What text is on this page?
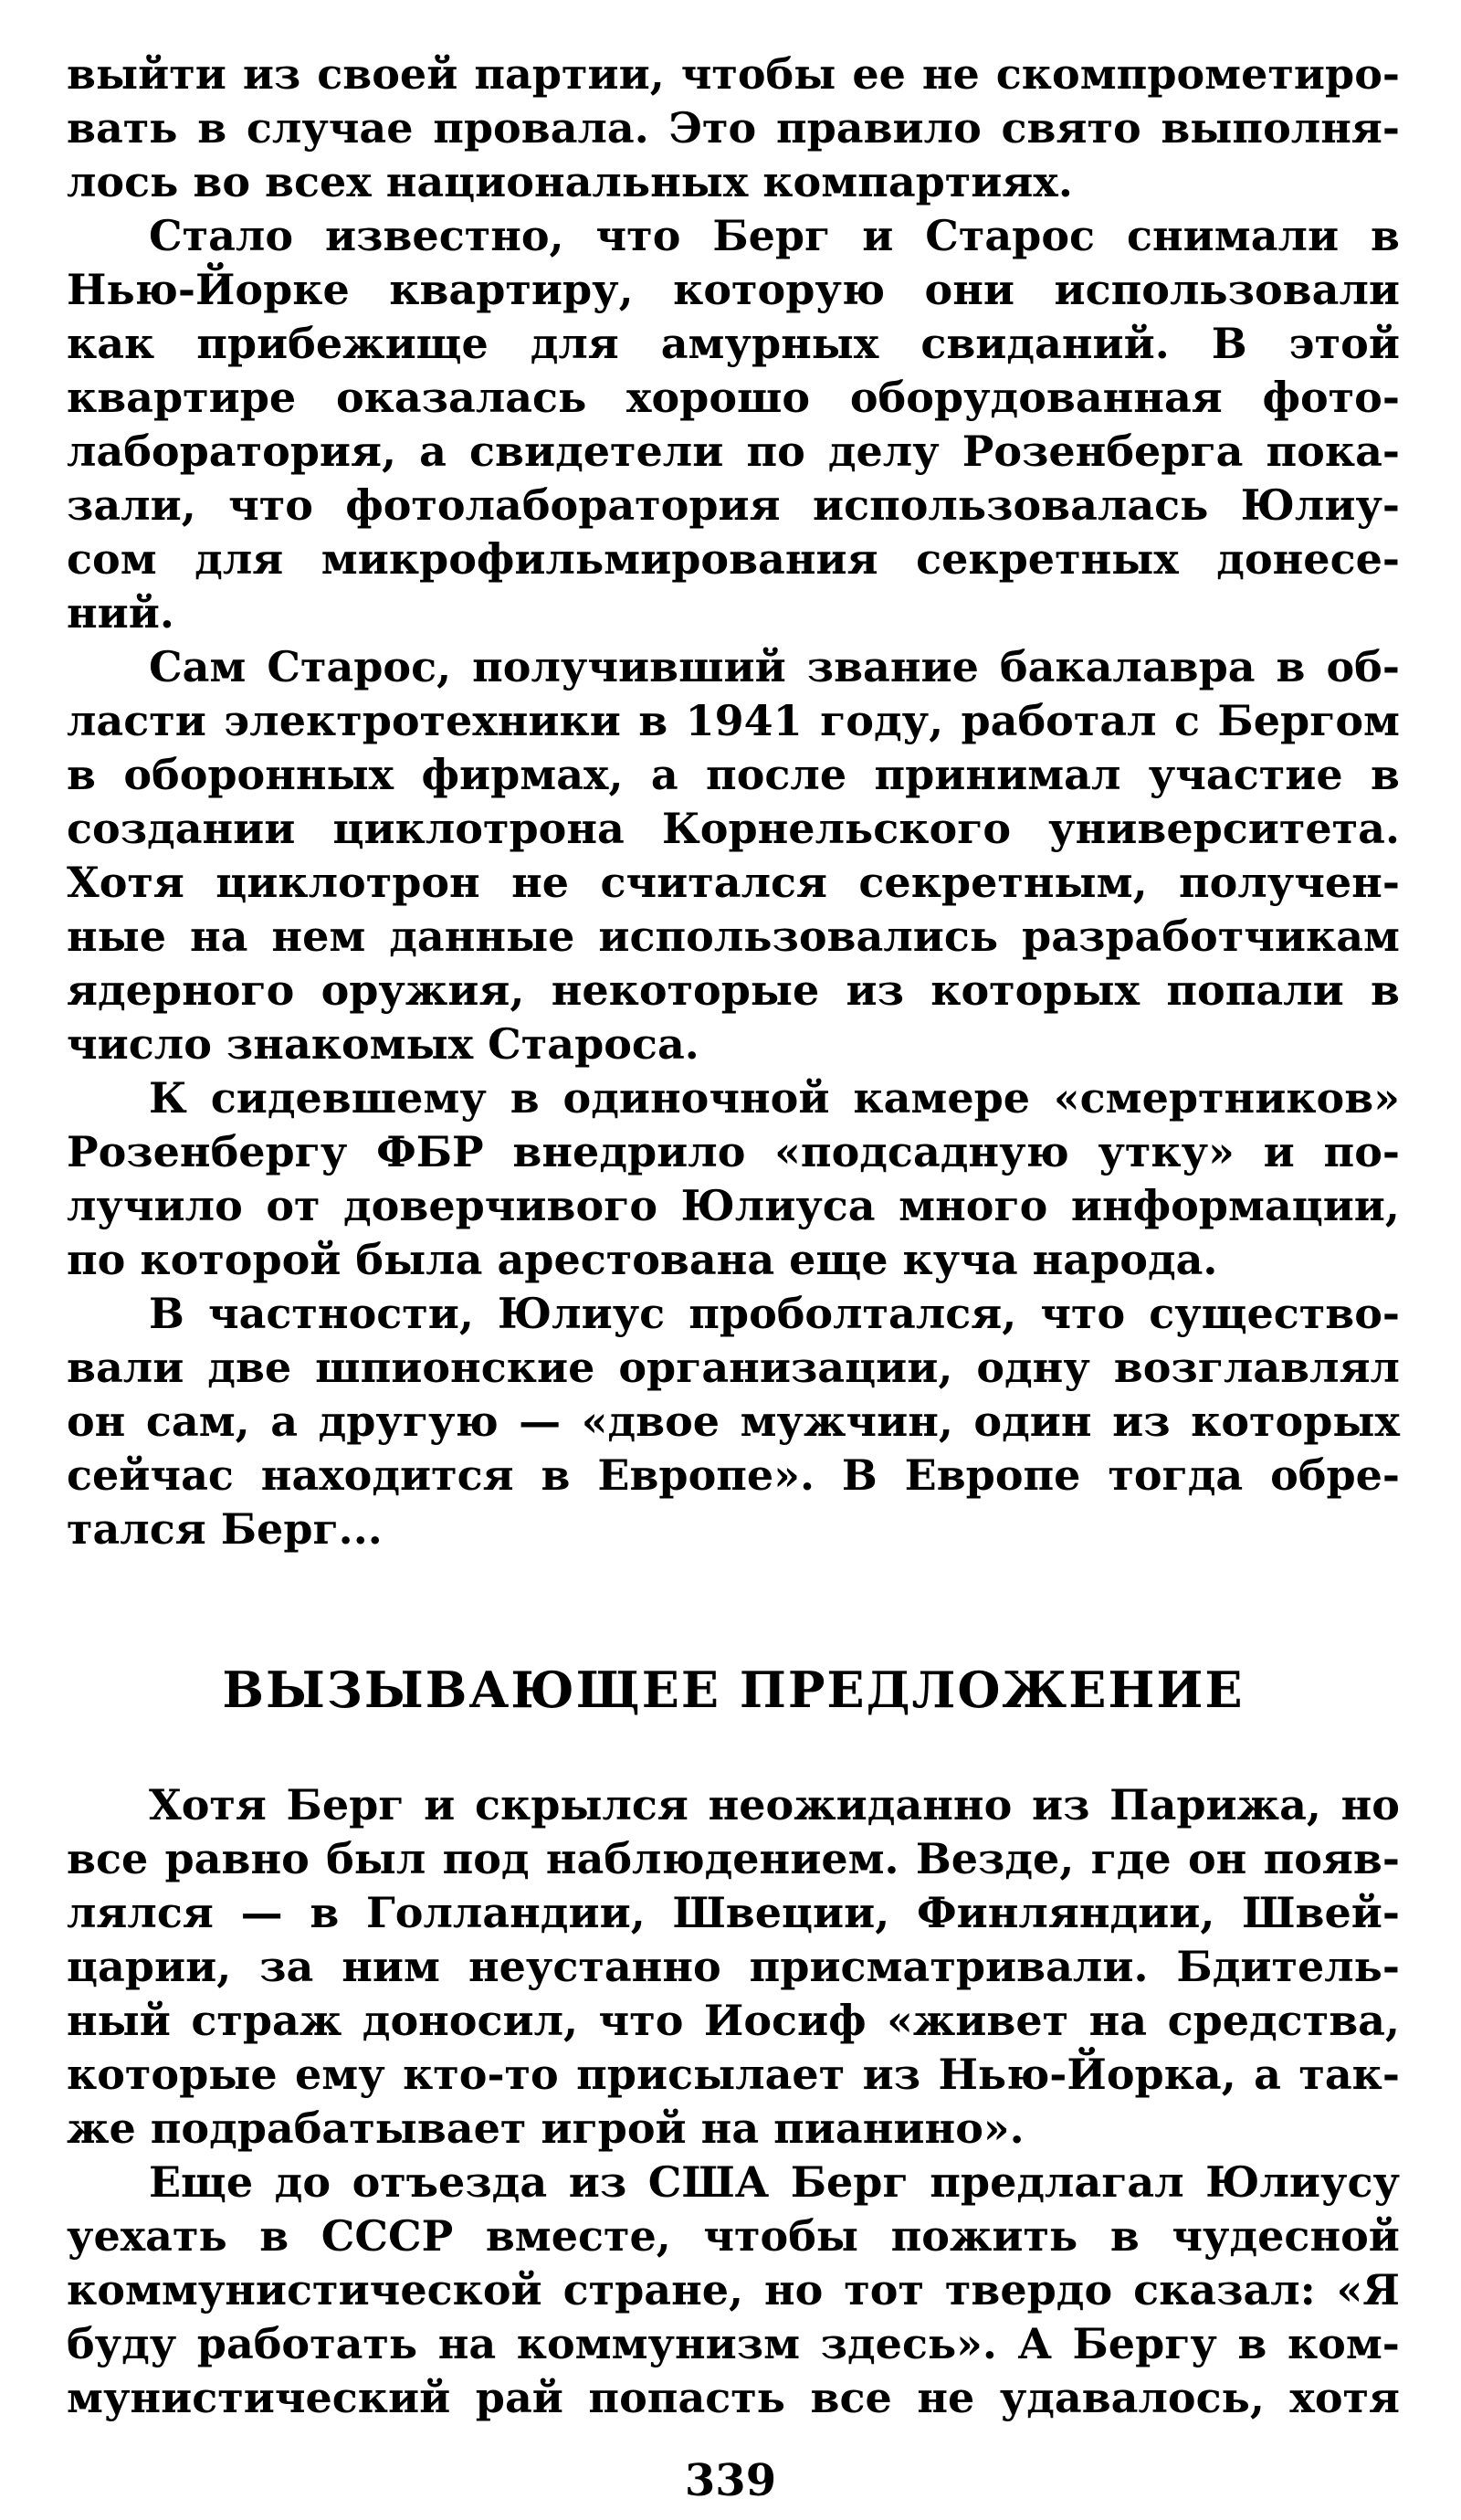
выйти из своей партии, чтобы ее не скомпрометиро-
вать в случае провала. Это правило свято выполня-
лось во всех национальных компартиях.
Стало известно, что Берг и Старос снимали в
Нью-Йорке квартиру, которую они использовали
как прибежище для амурных свиданий. В этой
квартире оказалась хорошо оборудованная фото-
лаборатория, а свидетели по делу Розенберга пока-
зали, что фотолаборатория использовалась Юлиу-
сом для микрофильмирования секретных донесе-
ний.
Сам Старос, получивший звание бакалавра в об-
ласти электротехники в 1941 году, работал с Бергом
в оборонных фирмах, а после принимал участие в
создании циклотрона Корнельского университета.
Хотя циклотрон не считался секретным, получен-
ные на нем данные использовались разработчикам
ядерного оружия, некоторые из которых попали в
число знакомых Староса.
К сидевшему в одиночной камере «смертников»
Розенбергу ФБР внедрило «подсадную утку» и по-
лучило от доверчивого Юлиуса много информации,
по которой была арестована еще куча народа.
В частности, Юлиус проболтался, что существо-
вали две шпионские организации, одну возглавлял
он сам, а другую — «двое мужчин, один из которых
сейчас находится в Европе». В Европе тогда обре-
тался Берг...
ВЫЗЫВАЮЩЕЕ ПРЕДЛОЖЕНИЕ
Хотя Берг и скрылся неожиданно из Парижа, но
все равно был под наблюдением. Везде, где он появ-
лялся — в Голландии, Швеции, Финляндии, Швей-
царии, за ним неустанно присматривали. Бдитель-
ный страж доносил, что Иосиф «живет на средства,
которые ему кто-то присылает из Нью-Йорка, а так-
же подрабатывает игрой на пианино».
Еще до отъезда из США Берг предлагал Юлиусу
уехать в СССР вместе, чтобы пожить в чудесной
коммунистической стране, но тот твердо сказал: «Я
буду работать на коммунизм здесь». А Бергу в ком-
мунистический рай попасть все не удавалось, хотя
339
